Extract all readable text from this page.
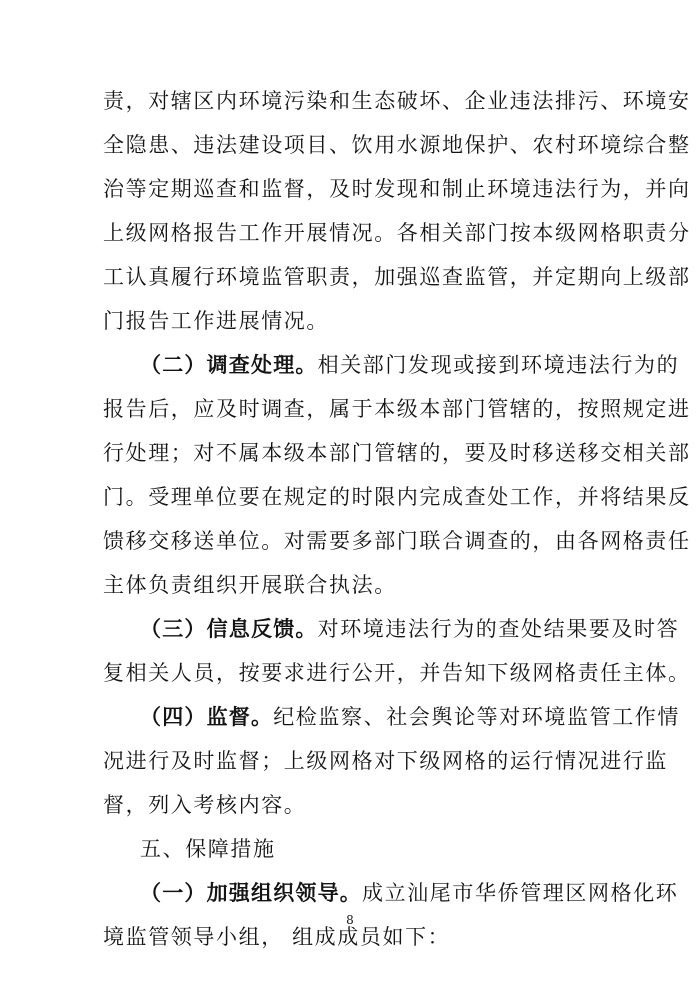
责，对辖区内环境污染和生态破坏、企业违法排污、环境安
全隐患、违法建设项目、饮用水源地保护、农村环境综合整
治等定期巡查和监督，及时发现和制止环境违法行为，并向
上级网格报告工作开展情况。各相关部门按本级网格职责分
工认真履行环境监管职责，加强巡查监管，并定期向上级部
门报告工作进展情况。
（二）调查处理。相关部门发现或接到环境违法行为的
报告后，应及时调查，属于本级本部门管辖的，按照规定进
行处理；对不属本级本部门管辖的，要及时移送移交相关部
门。受理单位要在规定的时限内完成查处工作，并将结果反
馈移交移送单位。对需要多部门联合调查的，由各网格责任
主体负责组织开展联合执法。
（三）信息反馈。对环境违法行为的查处结果要及时答
复相关人员，按要求进行公开，并告知下级网格责任主体。
（四）监督。纪检监察、社会舆论等对环境监管工作情
况进行及时监督；上级网格对下级网格的运行情况进行监
督，列入考核内容。
五、保障措施
（一）加强组织领导。成立汕尾市华侨管理区网格化环
境监管领导小组， 组成成员如下：
8
